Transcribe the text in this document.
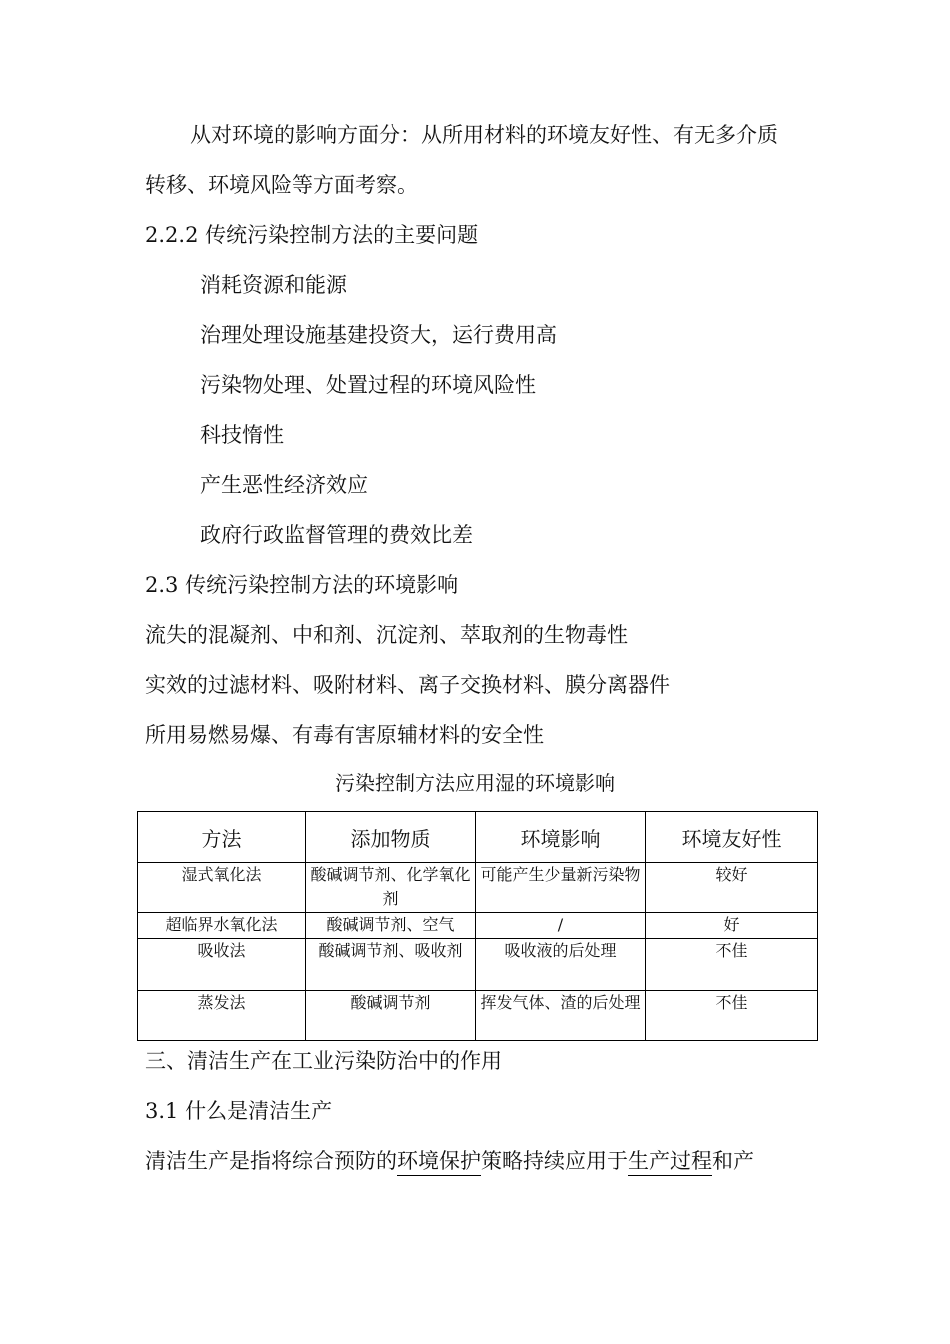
从对环境的影响方面分：从所用材料的环境友好性、有无多介质
转移、环境风险等方面考察。
2.2.2 传统污染控制方法的主要问题
消耗资源和能源
治理处理设施基建投资大，运行费用高
污染物处理、处置过程的环境风险性
科技惰性
产生恶性经济效应
政府行政监督管理的费效比差
2.3 传统污染控制方法的环境影响
流失的混凝剂、中和剂、沉淀剂、萃取剂的生物毒性
实效的过滤材料、吸附材料、离子交换材料、膜分离器件
所用易燃易爆、有毒有害原辅材料的安全性
污染控制方法应用湿的环境影响
方法	添加物质	环境影响	环境友好性
湿式氧化法	酸碱调节剂、化学氧化剂	可能产生少量新污染物	较好
超临界水氧化法	酸碱调节剂、空气	/	好
吸收法	酸碱调节剂、吸收剂	吸收液的后处理	不佳
蒸发法	酸碱调节剂	挥发气体、渣的后处理	不佳
三、清洁生产在工业污染防治中的作用
3.1 什么是清洁生产
清洁生产是指将综合预防的环境保护策略持续应用于生产过程和产
